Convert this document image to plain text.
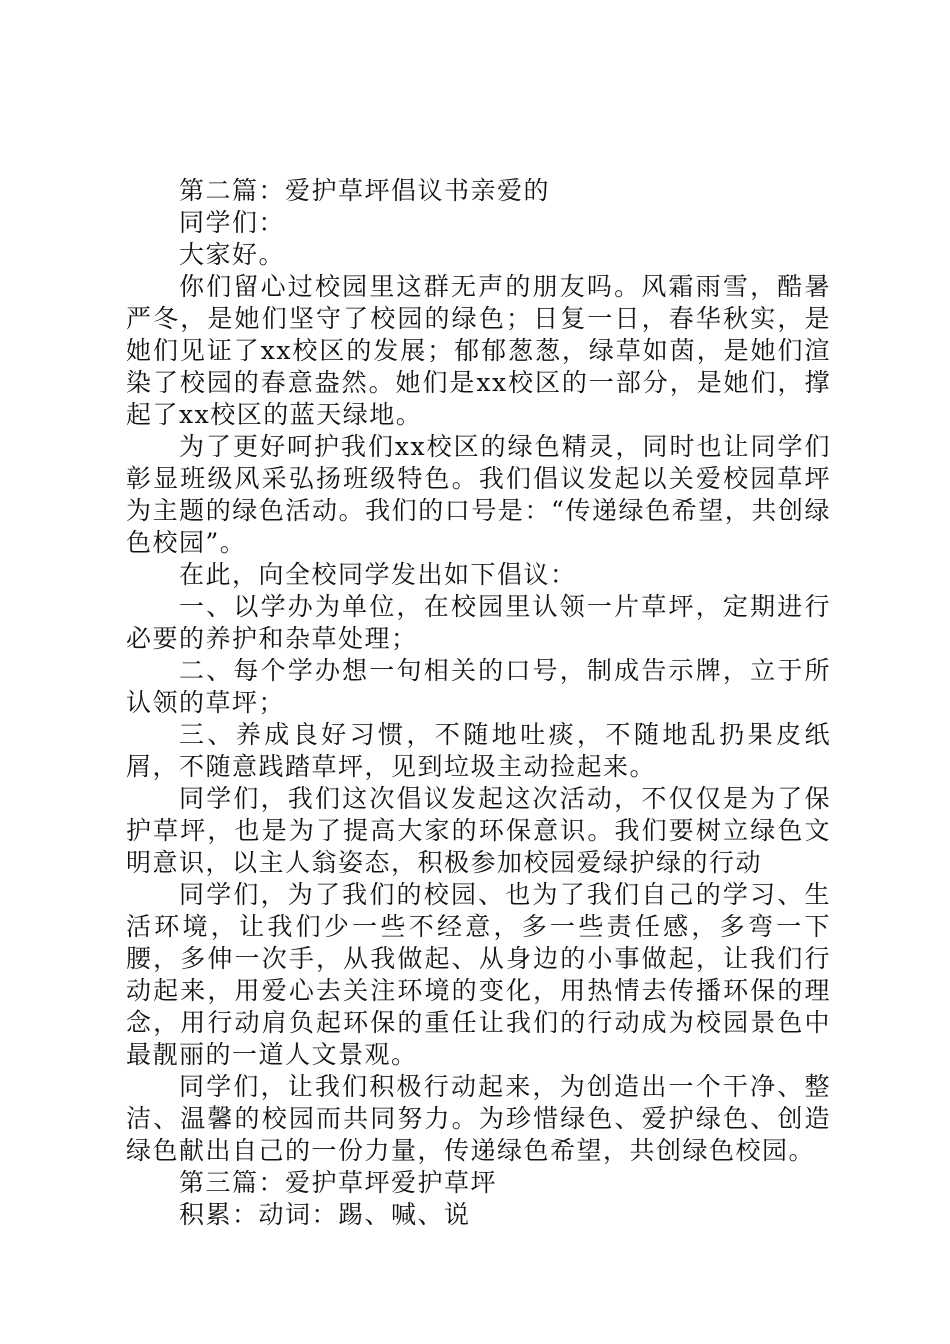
第二篇：爱护草坪倡议书亲爱的

同学们：

大家好。

你们留心过校园里这群无声的朋友吗。风霜雨雪，酷暑严冬，是她们坚守了校园的绿色；日复一日，春华秋实，是她们见证了xx校区的发展；郁郁葱葱，绿草如茵，是她们渲染了校园的春意盎然。她们是xx校区的一部分，是她们，撑起了xx校区的蓝天绿地。

为了更好呵护我们xx校区的绿色精灵，同时也让同学们彰显班级风采弘扬班级特色。我们倡议发起以关爱校园草坪为主题的绿色活动。我们的口号是：“传递绿色希望，共创绿色校园”。

在此，向全校同学发出如下倡议：

一、以学办为单位，在校园里认领一片草坪，定期进行必要的养护和杂草处理；

二、每个学办想一句相关的口号，制成告示牌，立于所认领的草坪；

三、养成良好习惯，不随地吐痰，不随地乱扔果皮纸屑，不随意践踏草坪，见到垃圾主动捡起来。

同学们，我们这次倡议发起这次活动，不仅仅是为了保护草坪，也是为了提高大家的环保意识。我们要树立绿色文明意识，以主人翁姿态，积极参加校园爱绿护绿的行动

同学们，为了我们的校园、也为了我们自己的学习、生活环境，让我们少一些不经意，多一些责任感，多弯一下腰，多伸一次手，从我做起、从身边的小事做起，让我们行动起来，用爱心去关注环境的变化，用热情去传播环保的理念，用行动肩负起环保的重任让我们的行动成为校园景色中最靓丽的一道人文景观。

同学们，让我们积极行动起来，为创造出一个干净、整洁、温馨的校园而共同努力。为珍惜绿色、爱护绿色、创造绿色献出自己的一份力量，传递绿色希望，共创绿色校园。

第三篇：爱护草坪爱护草坪

积累：动词：踢、喊、说
